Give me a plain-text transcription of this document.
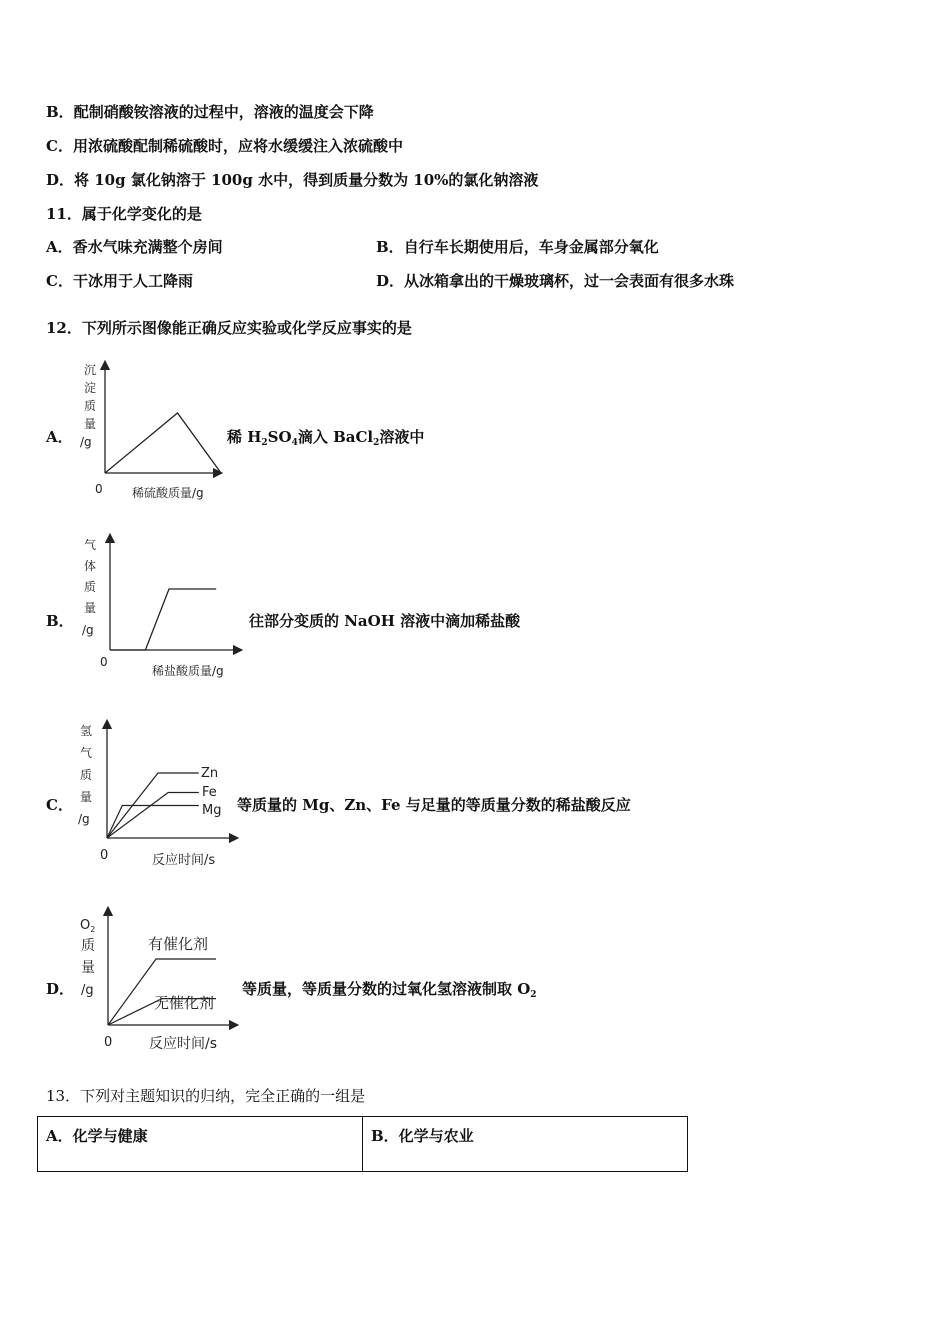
B．配制硝酸铵溶液的过程中，溶液的温度会下降
C．用浓硫酸配制稀硫酸时，应将水缓缓注入浓硫酸中
D．将 10g 氯化钠溶于 100g 水中，得到质量分数为 10%的氯化钠溶液
11．属于化学变化的是
A．香水气味充满整个房间	B．自行车长期使用后，车身金属部分氧化
C．干冰用于人工降雨	D．从冰箱拿出的干燥玻璃杯，过一会表面有很多水珠
12．下列所示图像能正确反应实验或化学反应事实的是
A．
沉
淀
质
量
/g
0 稀硫酸质量/g
稀 $H_2SO_4$滴入 BaCl$_2$溶液中
B．
气
体
质
量
/g
0
稀盐酸质量/g
往部分变质的 NaOH 溶液中滴加稀盐酸
C．
氢
气
质
量
/g
0	反应时间/s
Zn
Fe
Mg 等质量的 Mg、Zn、Fe 与足量的等质量分数的稀盐酸反应
D．
$O_2$
质
量
/g
0	反应时间/s
有催化剂
无催化剂
等质量，等质量分数的过氧化氢溶液制取 $O_2$
13．下列对主题知识的归纳，完全正确的一组是
A．化学与健康	B．化学与农业
